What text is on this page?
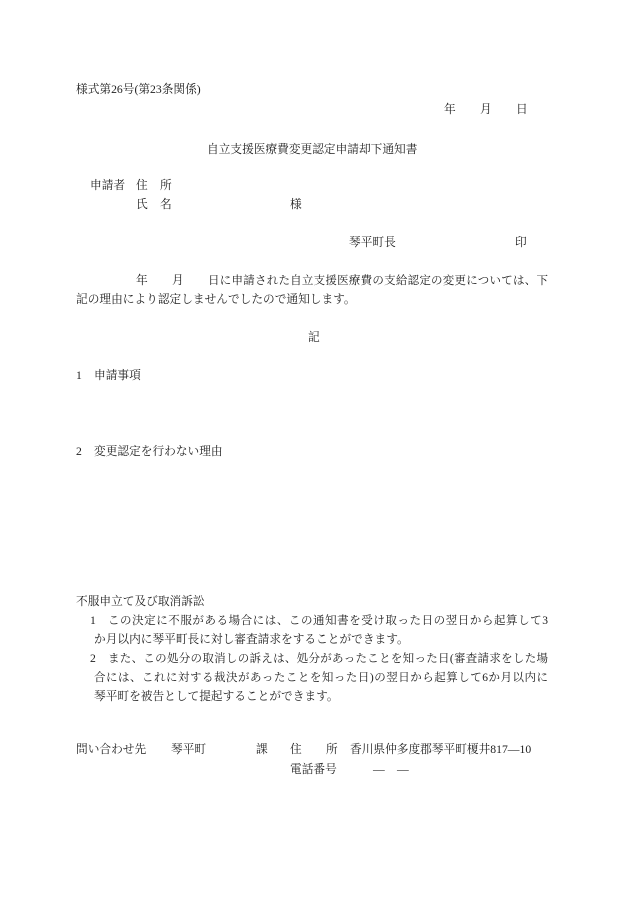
様式第26号(第23条関係)
年 月 日
自立支援医療費変更認定申請却下通知書
申請者 住 所
氏 名	様
琴平町長	印
年 月 日に申請された自立支援医療費の支給認定の変更については、下
記の理由により認定しませんでしたので通知します。
記
1 申請事項
2 変更認定を行わない理由
不服申立て及び取消訴訟
1 この決定に不服がある場合には、この通知書を受け取った日の翌日から起算して3
か月以内に琴平町長に対し審査請求をすることができます。
2 また、この処分の取消しの訴えは、処分があったことを知った日(審査請求をした場
合には、これに対する裁決があったことを知った日)の翌日から起算して6か月以内に
琴平町を被告として提起することができます。
問い合わせ先 琴平町	課 住 所 香川県仲多度郡琴平町榎井817—10
電話番号	— —
